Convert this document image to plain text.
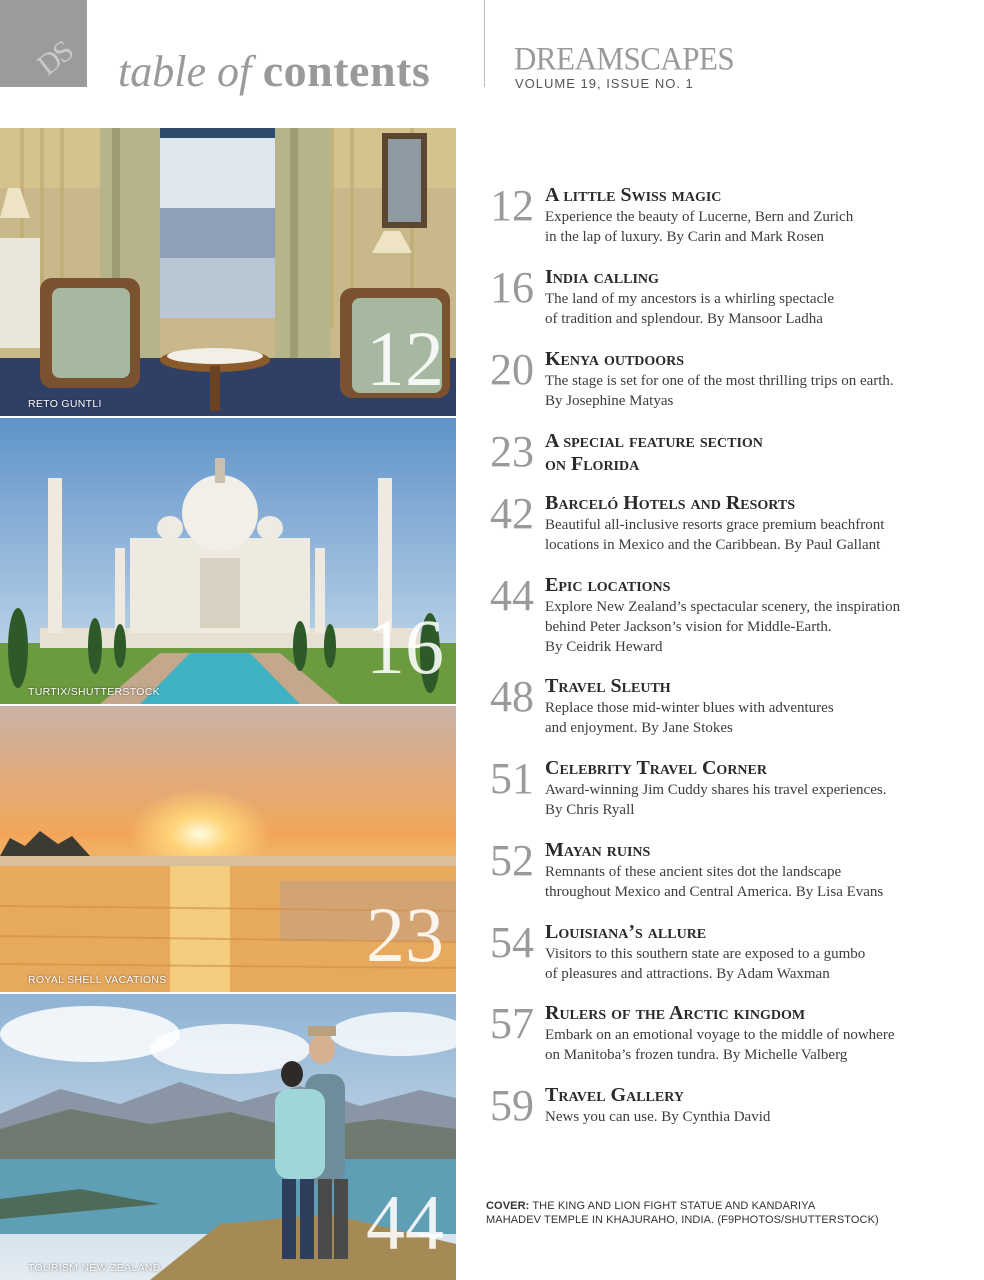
DS table of contents	DREAMSCAPES
VOLUME 19, ISSUE NO. 1
12
RETO GUNTLI
16
TURTIX/SHUTTERSTOCK
23
ROYAL SHELL VACATIONS
44
TOURISM NEW ZEALAND
12 A little Swiss magic
Experience the beauty of Lucerne, Bern and Zurich
in the lap of luxury. By Carin and Mark Rosen
16 India calling
The land of my ancestors is a whirling spectacle
of tradition and splendour. By Mansoor Ladha
20 Kenya outdoors
The stage is set for one of the most thrilling trips on earth.
By Josephine Matyas
23 A special feature section
on Florida
42 Barceló Hotels and Resorts
Beautiful all-inclusive resorts grace premium beachfront
locations in Mexico and the Caribbean. By Paul Gallant
44 Epic locations
Explore New Zealand’s spectacular scenery, the inspiration
behind Peter Jackson’s vision for Middle-Earth.
By Ceidrik Heward
48 Travel Sleuth
Replace those mid-winter blues with adventures
and enjoyment. By Jane Stokes
51 Celebrity Travel Corner
Award-winning Jim Cuddy shares his travel experiences.
By Chris Ryall
52 Mayan ruins
Remnants of these ancient sites dot the landscape
throughout Mexico and Central America. By Lisa Evans
54 Louisiana’s allure
Visitors to this southern state are exposed to a gumbo
of pleasures and attractions. By Adam Waxman
57 Rulers of the Arctic kingdom
Embark on an emotional voyage to the middle of nowhere
on Manitoba’s frozen tundra. By Michelle Valberg
59 Travel Gallery
News you can use. By Cynthia David
COVER: THE KING AND LION FIGHT STATUE AND KANDARIYA
MAHADEV TEMPLE IN KHAJURAHO, INDIA. (F9PHOTOS/SHUTTERSTOCK)
